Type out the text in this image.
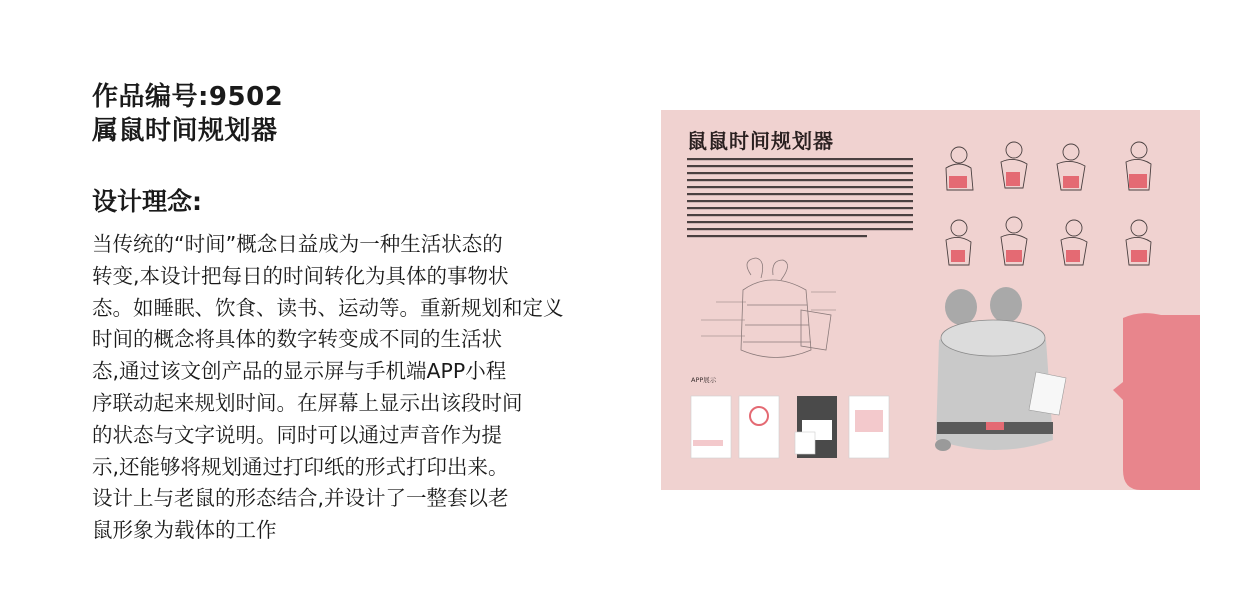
作品编号:9502
属鼠时间规划器
设计理念:
当传统的“时间”概念日益成为一种生活状态的
转变,本设计把每日的时间转化为具体的事物状
态。如睡眠、饮食、读书、运动等。重新规划和定义
时间的概念将具体的数字转变成不同的生活状
态,通过该文创产品的显示屏与手机端APP小程
序联动起来规划时间。在屏幕上显示出该段时间
的状态与文字说明。同时可以通过声音作为提
示,还能够将规划通过打印纸的形式打印出来。
设计上与老鼠的形态结合,并设计了一整套以老
鼠形象为载体的工作
鼠鼠时间规划器
APP展示
